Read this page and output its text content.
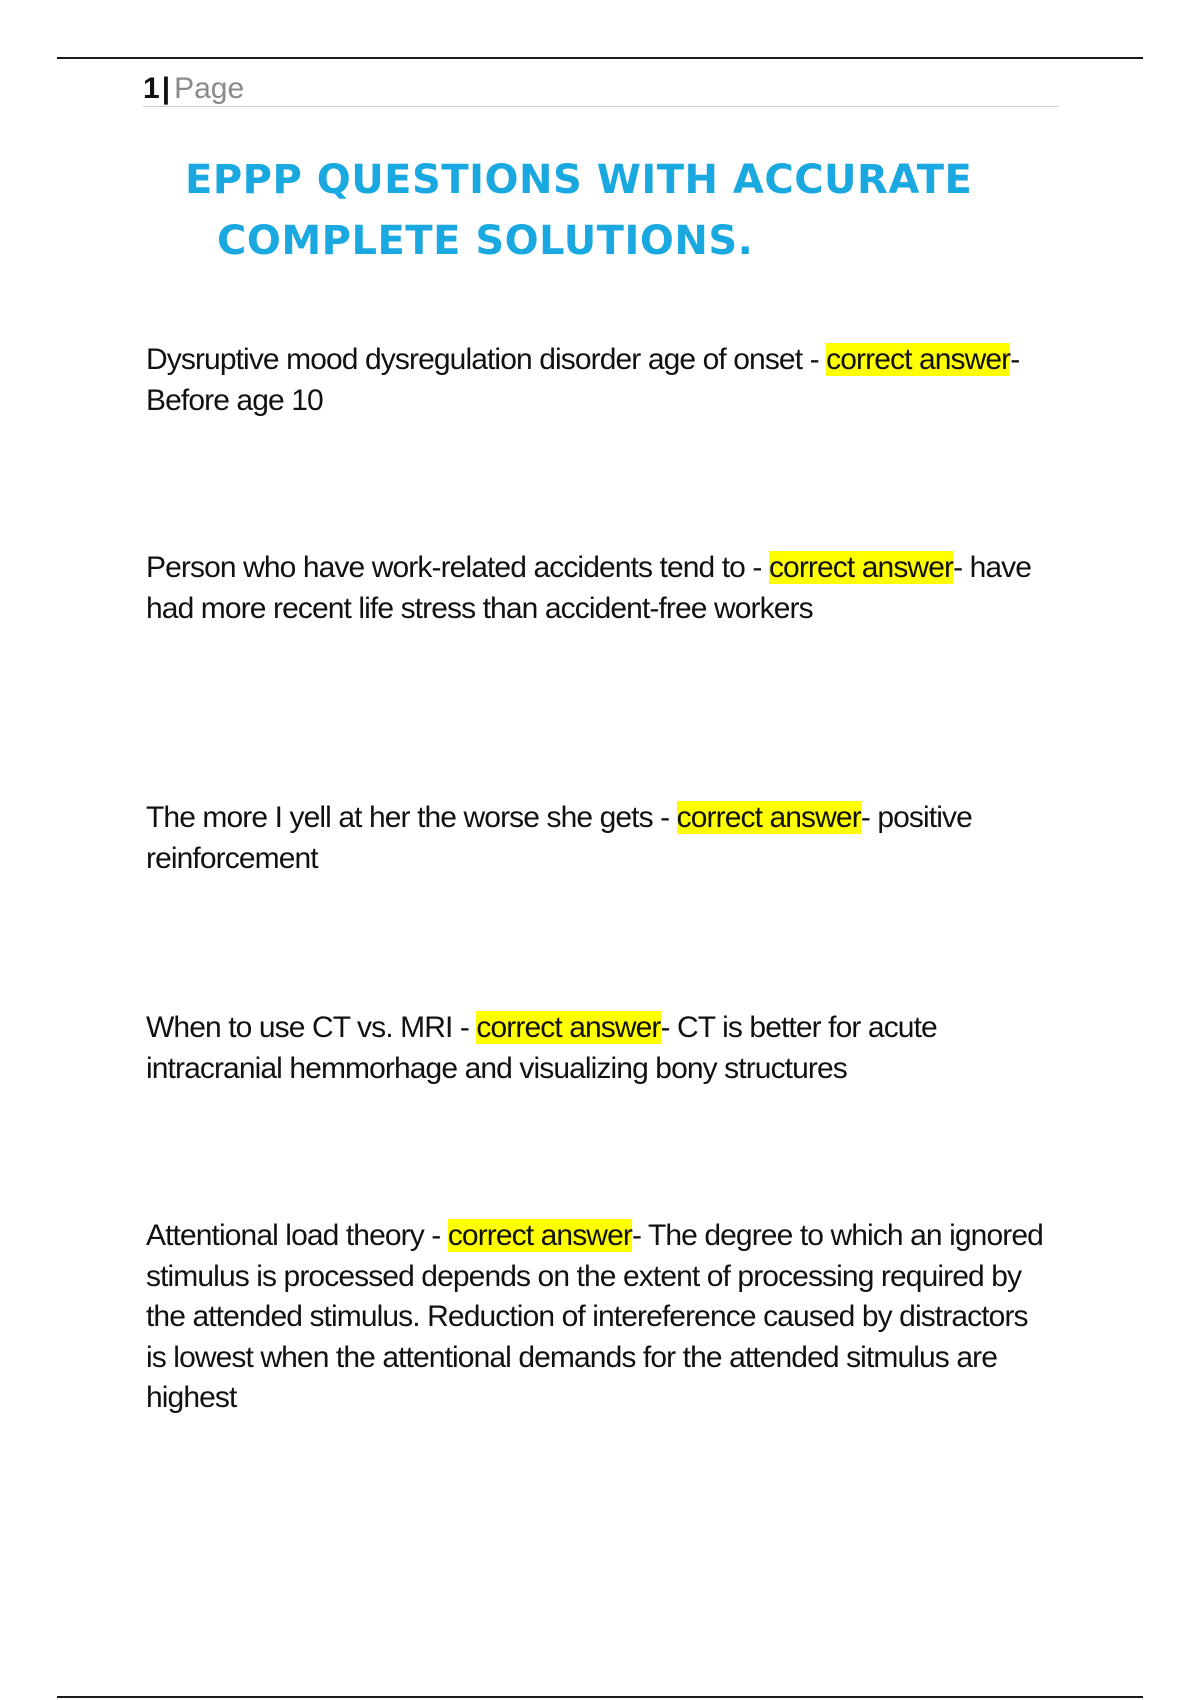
1| Page
EPPP QUESTIONS WITH ACCURATE
COMPLETE SOLUTIONS.

Dysruptive mood dysregulation disorder age of onset - correct answer- Before age 10

Person who have work-related accidents tend to - correct answer- have had more recent life stress than accident-free workers

The more I yell at her the worse she gets - correct answer- positive reinforcement

When to use CT vs. MRI - correct answer- CT is better for acute intracranial hemmorhage and visualizing bony structures

Attentional load theory - correct answer- The degree to which an ignored stimulus is processed depends on the extent of processing required by the attended stimulus. Reduction of intereference caused by distractors is lowest when the attentional demands for the attended sitmulus are highest
